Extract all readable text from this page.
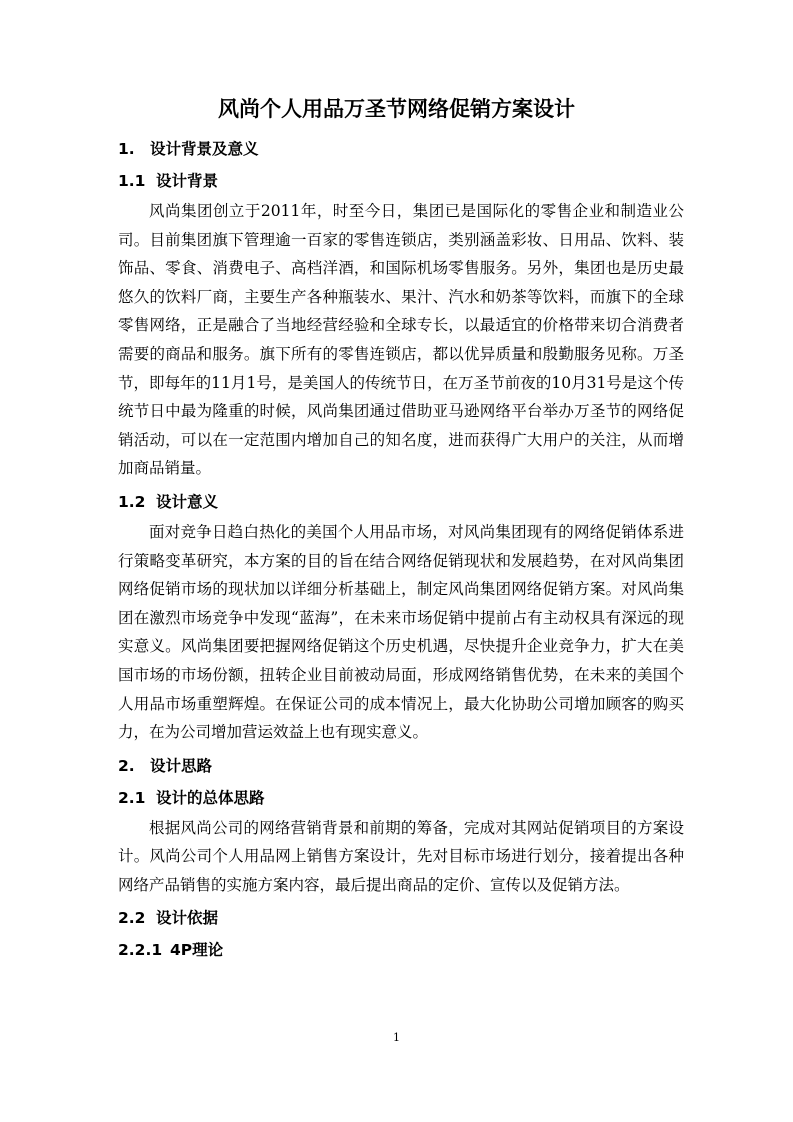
风尚个人用品万圣节网络促销方案设计
1. 设计背景及意义
1.1 设计背景

风尚集团创立于2011年，时至今日，集团已是国际化的零售企业和制造业公司。目前集团旗下管理逾一百家的零售连锁店，类别涵盖彩妆、日用品、饮料、装饰品、零食、消费电子、高档洋酒，和国际机场零售服务。另外，集团也是历史最悠久的饮料厂商，主要生产各种瓶装水、果汁、汽水和奶茶等饮料，而旗下的全球零售网络，正是融合了当地经营经验和全球专长，以最适宜的价格带来切合消费者需要的商品和服务。旗下所有的零售连锁店，都以优异质量和殷勤服务见称。万圣节，即每年的11月1号，是美国人的传统节日，在万圣节前夜的10月31号是这个传统节日中最为隆重的时候，风尚集团通过借助亚马逊网络平台举办万圣节的网络促销活动，可以在一定范围内增加自己的知名度，进而获得广大用户的关注，从而增加商品销量。

1.2 设计意义

面对竞争日趋白热化的美国个人用品市场，对风尚集团现有的网络促销体系进行策略变革研究，本方案的目的旨在结合网络促销现状和发展趋势，在对风尚集团网络促销市场的现状加以详细分析基础上，制定风尚集团网络促销方案。对风尚集团在激烈市场竞争中发现“蓝海”，在未来市场促销中提前占有主动权具有深远的现实意义。风尚集团要把握网络促销这个历史机遇，尽快提升企业竞争力，扩大在美国市场的市场份额，扭转企业目前被动局面，形成网络销售优势，在未来的美国个人用品市场重塑辉煌。在保证公司的成本情况上，最大化协助公司增加顾客的购买力，在为公司增加营运效益上也有现实意义。

2. 设计思路
2.1 设计的总体思路

根据风尚公司的网络营销背景和前期的筹备，完成对其网站促销项目的方案设计。风尚公司个人用品网上销售方案设计，先对目标市场进行划分，接着提出各种网络产品销售的实施方案内容，最后提出商品的定价、宣传以及促销方法。

2.2 设计依据
2.2.1 4P理论
1
